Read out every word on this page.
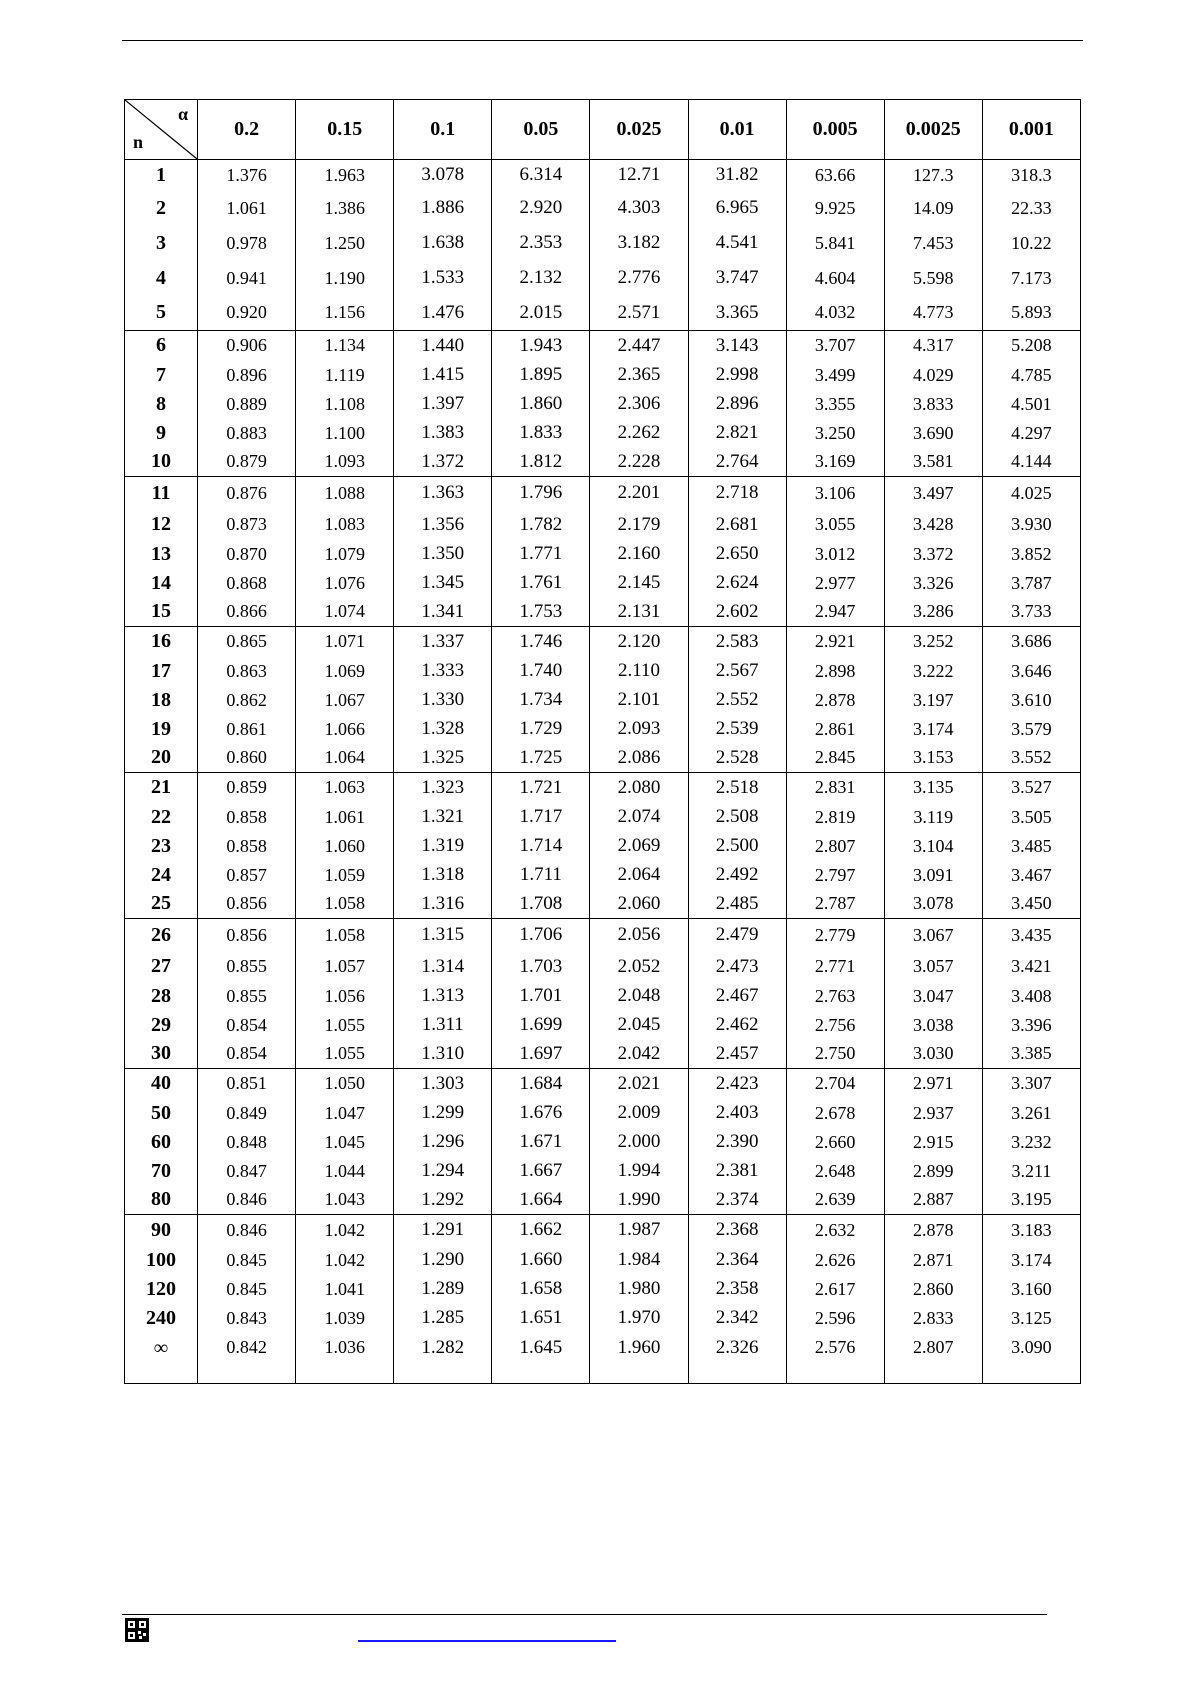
α
n	0.2	0.15	0.1	0.05	0.025	0.01	0.005	0.0025	0.001
1	1.376	1.963	3.078	6.314	12.71	31.82	63.66	127.3	318.3
2	1.061	1.386	1.886	2.920	4.303	6.965	9.925	14.09	22.33
3	0.978	1.250	1.638	2.353	3.182	4.541	5.841	7.453	10.22
4	0.941	1.190	1.533	2.132	2.776	3.747	4.604	5.598	7.173
5	0.920	1.156	1.476	2.015	2.571	3.365	4.032	4.773	5.893
6	0.906	1.134	1.440	1.943	2.447	3.143	3.707	4.317	5.208
7	0.896	1.119	1.415	1.895	2.365	2.998	3.499	4.029	4.785
8	0.889	1.108	1.397	1.860	2.306	2.896	3.355	3.833	4.501
9	0.883	1.100	1.383	1.833	2.262	2.821	3.250	3.690	4.297
10	0.879	1.093	1.372	1.812	2.228	2.764	3.169	3.581	4.144
11	0.876	1.088	1.363	1.796	2.201	2.718	3.106	3.497	4.025
12	0.873	1.083	1.356	1.782	2.179	2.681	3.055	3.428	3.930
13	0.870	1.079	1.350	1.771	2.160	2.650	3.012	3.372	3.852
14	0.868	1.076	1.345	1.761	2.145	2.624	2.977	3.326	3.787
15	0.866	1.074	1.341	1.753	2.131	2.602	2.947	3.286	3.733
16	0.865	1.071	1.337	1.746	2.120	2.583	2.921	3.252	3.686
17	0.863	1.069	1.333	1.740	2.110	2.567	2.898	3.222	3.646
18	0.862	1.067	1.330	1.734	2.101	2.552	2.878	3.197	3.610
19	0.861	1.066	1.328	1.729	2.093	2.539	2.861	3.174	3.579
20	0.860	1.064	1.325	1.725	2.086	2.528	2.845	3.153	3.552
21	0.859	1.063	1.323	1.721	2.080	2.518	2.831	3.135	3.527
22	0.858	1.061	1.321	1.717	2.074	2.508	2.819	3.119	3.505
23	0.858	1.060	1.319	1.714	2.069	2.500	2.807	3.104	3.485
24	0.857	1.059	1.318	1.711	2.064	2.492	2.797	3.091	3.467
25	0.856	1.058	1.316	1.708	2.060	2.485	2.787	3.078	3.450
26	0.856	1.058	1.315	1.706	2.056	2.479	2.779	3.067	3.435
27	0.855	1.057	1.314	1.703	2.052	2.473	2.771	3.057	3.421
28	0.855	1.056	1.313	1.701	2.048	2.467	2.763	3.047	3.408
29	0.854	1.055	1.311	1.699	2.045	2.462	2.756	3.038	3.396
30	0.854	1.055	1.310	1.697	2.042	2.457	2.750	3.030	3.385
40	0.851	1.050	1.303	1.684	2.021	2.423	2.704	2.971	3.307
50	0.849	1.047	1.299	1.676	2.009	2.403	2.678	2.937	3.261
60	0.848	1.045	1.296	1.671	2.000	2.390	2.660	2.915	3.232
70	0.847	1.044	1.294	1.667	1.994	2.381	2.648	2.899	3.211
80	0.846	1.043	1.292	1.664	1.990	2.374	2.639	2.887	3.195
90	0.846	1.042	1.291	1.662	1.987	2.368	2.632	2.878	3.183
100	0.845	1.042	1.290	1.660	1.984	2.364	2.626	2.871	3.174
120	0.845	1.041	1.289	1.658	1.980	2.358	2.617	2.860	3.160
240	0.843	1.039	1.285	1.651	1.970	2.342	2.596	2.833	3.125
∞	0.842	1.036	1.282	1.645	1.960	2.326	2.576	2.807	3.090
